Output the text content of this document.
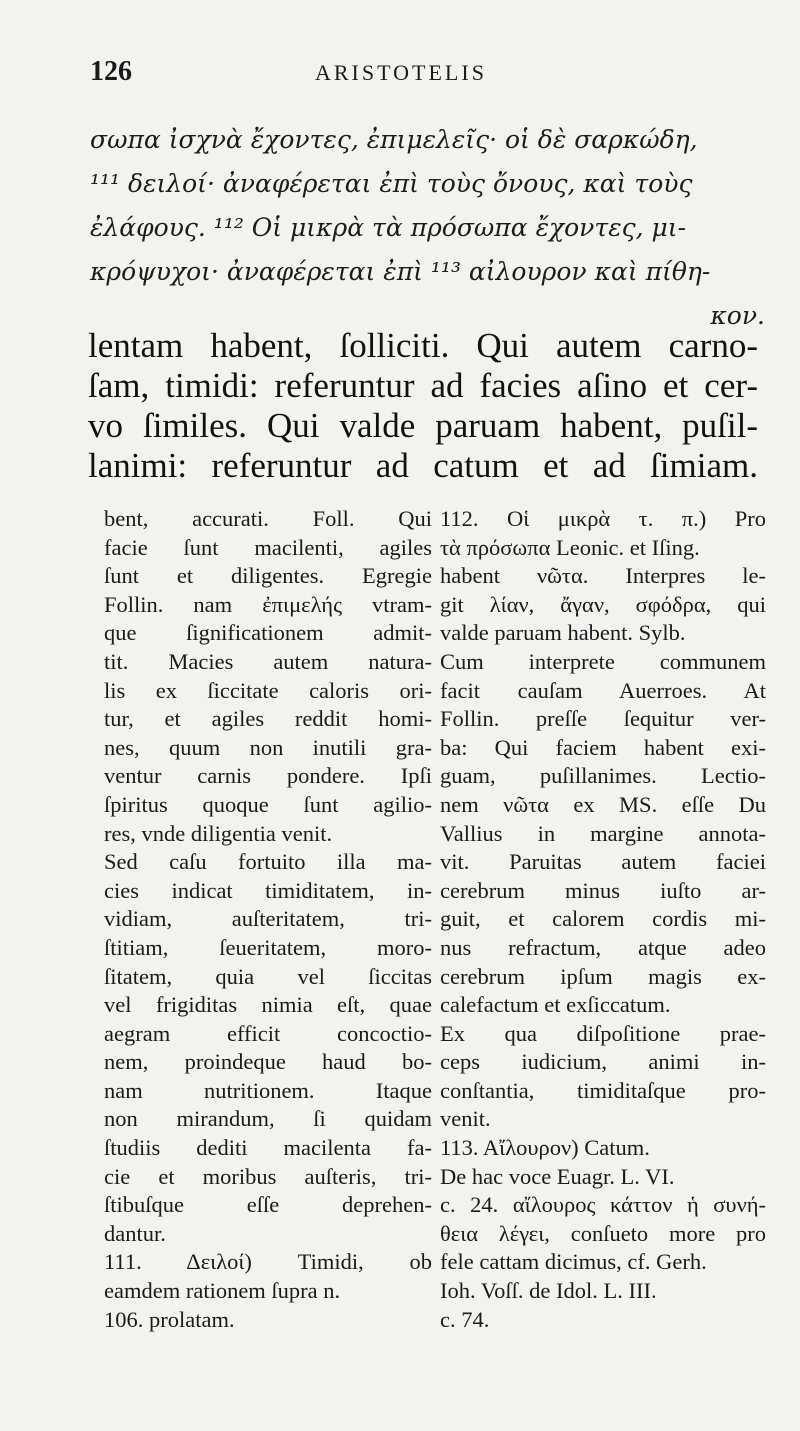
126	ARISTOTELIS
σωπα ἰσχνὰ ἔχοντες, ἐπιμελεῖς· οἱ δὲ σαρκώδη,
¹¹¹ δειλοί· ἀναφέρεται ἐπὶ τοὺς ὄνους, καὶ τοὺς
ἐλάφους. ¹¹² Οἱ μικρὰ τὰ πρόσωπα ἔχοντες, μι-
κρόψυχοι· ἀναφέρεται ἐπὶ ¹¹³ αἰλουρον καὶ πίθη-
κον.
lentam habent, ſolliciti. Qui autem carno-
ſam, timidi: referuntur ad facies aſino et cer-
vo ſimiles. Qui valde paruam habent, puſil-
lanimi: referuntur ad catum et ad ſimiam.
bent, accurati. Foll. Qui
facie ſunt macilenti, agiles
ſunt et diligentes. Egregie
Follin. nam ἐπιμελής vtram-
que ſignificationem admit-
tit. Macies autem natura-
lis ex ſiccitate caloris ori-
tur, et agiles reddit homi-
nes, quum non inutili gra-
ventur carnis pondere. Ipſi
ſpiritus quoque ſunt agilio-
res, vnde diligentia venit.
Sed caſu fortuito illa ma-
cies indicat timiditatem, in-
vidiam, auſteritatem, tri-
ſtitiam, ſeueritatem, moro-
ſitatem, quia vel ſiccitas
vel frigiditas nimia eſt, quae
aegram efficit concoctio-
nem, proindeque haud bo-
nam nutritionem. Itaque
non mirandum, ſi quidam
ſtudiis dediti macilenta fa-
cie et moribus auſteris, tri-
ſtibuſque eſſe deprehen-
dantur.
111. Δειλοί) Timidi, ob
eamdem rationem ſupra n.
106. prolatam.
112. Οἱ μικρὰ τ. π.) Pro
τὰ πρόσωπα Leonic. et Iſing.
habent νῶτα. Interpres le-
git λίαν, ἄγαν, σφόδρα, qui
valde paruam habent. Sylb.
Cum interprete communem
facit cauſam Auerroes. At
Follin. preſſe ſequitur ver-
ba: Qui faciem habent exi-
guam, puſillanimes. Lectio-
nem νῶτα ex MS. eſſe Du
Vallius in margine annota-
vit. Paruitas autem faciei
cerebrum minus iuſto ar-
guit, et calorem cordis mi-
nus refractum, atque adeo
cerebrum ipſum magis ex-
calefactum et exſiccatum.
Ex qua diſpoſitione prae-
ceps iudicium, animi in-
conſtantia, timiditaſque pro-
venit.
113. Αἴλουρον) Catum.
De hac voce Euagr. L. VI.
c. 24. αἴλουρος κάττον ἡ συνή-
θεια λέγει, conſueto more pro
fele cattam dicimus, cf. Gerh.
Ioh. Voſſ. de Idol. L. III.
c. 74.
